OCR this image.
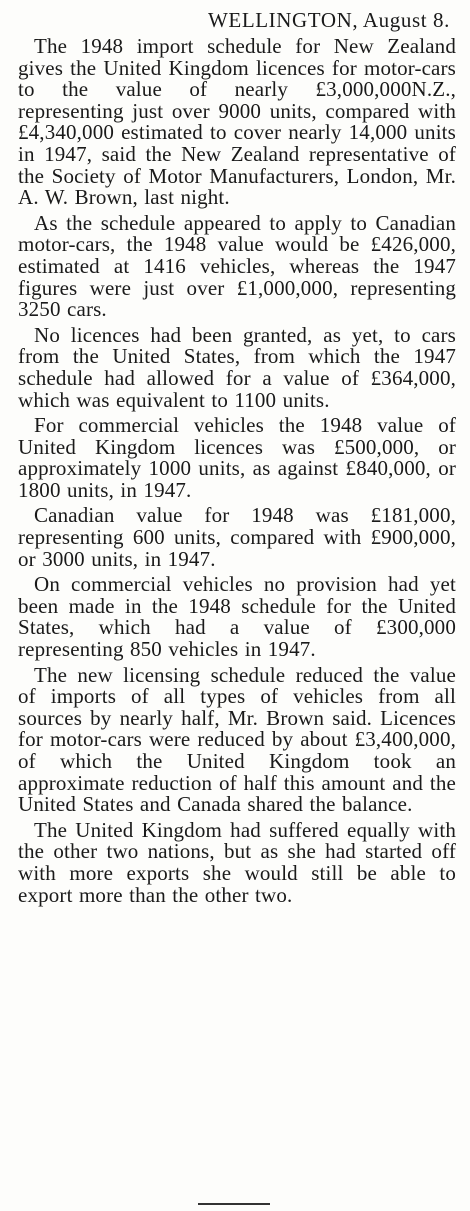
WELLINGTON, August 8.

The 1948 import schedule for New Zealand gives the United Kingdom licences for motor-cars to the value of nearly £3,000,000N.Z., representing just over 9000 units, compared with £4,340,000 estimated to cover nearly 14,000 units in 1947, said the New Zealand representative of the Society of Motor Manufacturers, London, Mr. A. W. Brown, last night.

As the schedule appeared to apply to Canadian motor-cars, the 1948 value would be £426,000, estimated at 1416 vehicles, whereas the 1947 figures were just over £1,000,000, representing 3250 cars.

No licences had been granted, as yet, to cars from the United States, from which the 1947 schedule had allowed for a value of £364,000, which was equivalent to 1100 units.

For commercial vehicles the 1948 value of United Kingdom licences was £500,000, or approximately 1000 units, as against £840,000, or 1800 units, in 1947.

Canadian value for 1948 was £181,000, representing 600 units, compared with £900,000, or 3000 units, in 1947.

On commercial vehicles no provision had yet been made in the 1948 schedule for the United States, which had a value of £300,000 representing 850 vehicles in 1947.

The new licensing schedule reduced the value of imports of all types of vehicles from all sources by nearly half, Mr. Brown said. Licences for motor-cars were reduced by about £3,400,000, of which the United Kingdom took an approximate reduction of half this amount and the United States and Canada shared the balance.

The United Kingdom had suffered equally with the other two nations, but as she had started off with more exports she would still be able to export more than the other two.
